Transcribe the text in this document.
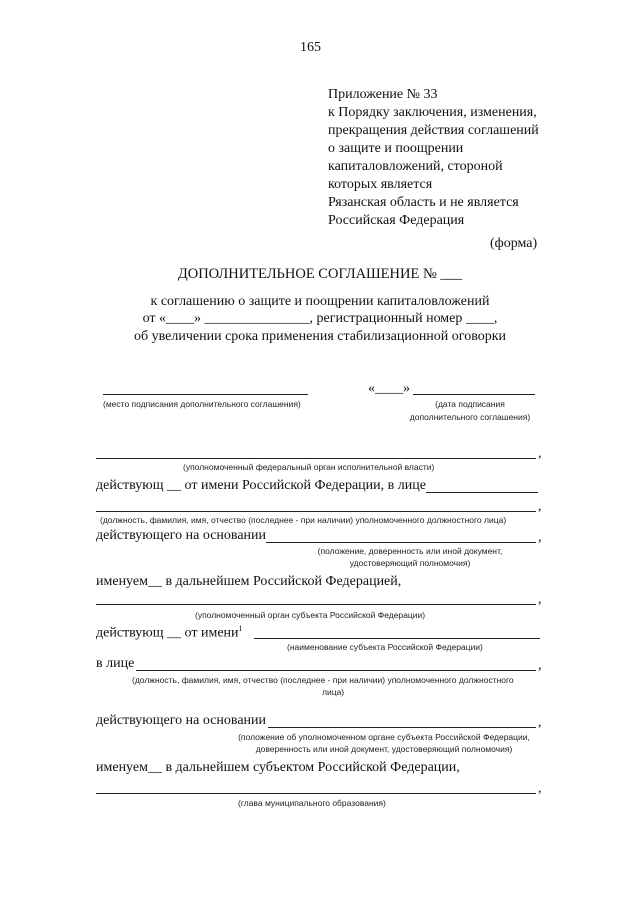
165
Приложение № 33
к Порядку заключения, изменения,
прекращения действия соглашений
о защите и поощрении
капиталовложений, стороной
которых является
Рязанская область и не является
Российская Федерация
(форма)
ДОПОЛНИТЕЛЬНОЕ СОГЛАШЕНИЕ № ___
к соглашению о защите и поощрении капиталовложений
от «____» _______________, регистрационный номер ____,
об увеличении срока применения стабилизационной оговорки
(место подписания дополнительного соглашения)
«____»
(дата подписания
дополнительного соглашения)
,
(уполномоченный федеральный орган исполнительной власти)
действующ __ от имени Российской Федерации, в лице
,
(должность, фамилия, имя, отчество (последнее - при наличии) уполномоченного должностного лица)
действующего на основании	,
(положение, доверенность или иной документ,
удостоверяющий полномочия)
именуем__ в дальнейшем Российской Федерацией,
,
(уполномоченный орган субъекта Российской Федерации)
действующ __ от имени$^1$
(наименование субъекта Российской Федерации)
в лице	,
(должность, фамилия, имя, отчество (последнее - при наличии) уполномоченного должностного
лица)
действующего на основании	,
(положение об уполномоченном органе субъекта Российской Федерации,
доверенность или иной документ, удостоверяющий полномочия)
именуем__ в дальнейшем субъектом Российской Федерации,
,
(глава муниципального образования)
